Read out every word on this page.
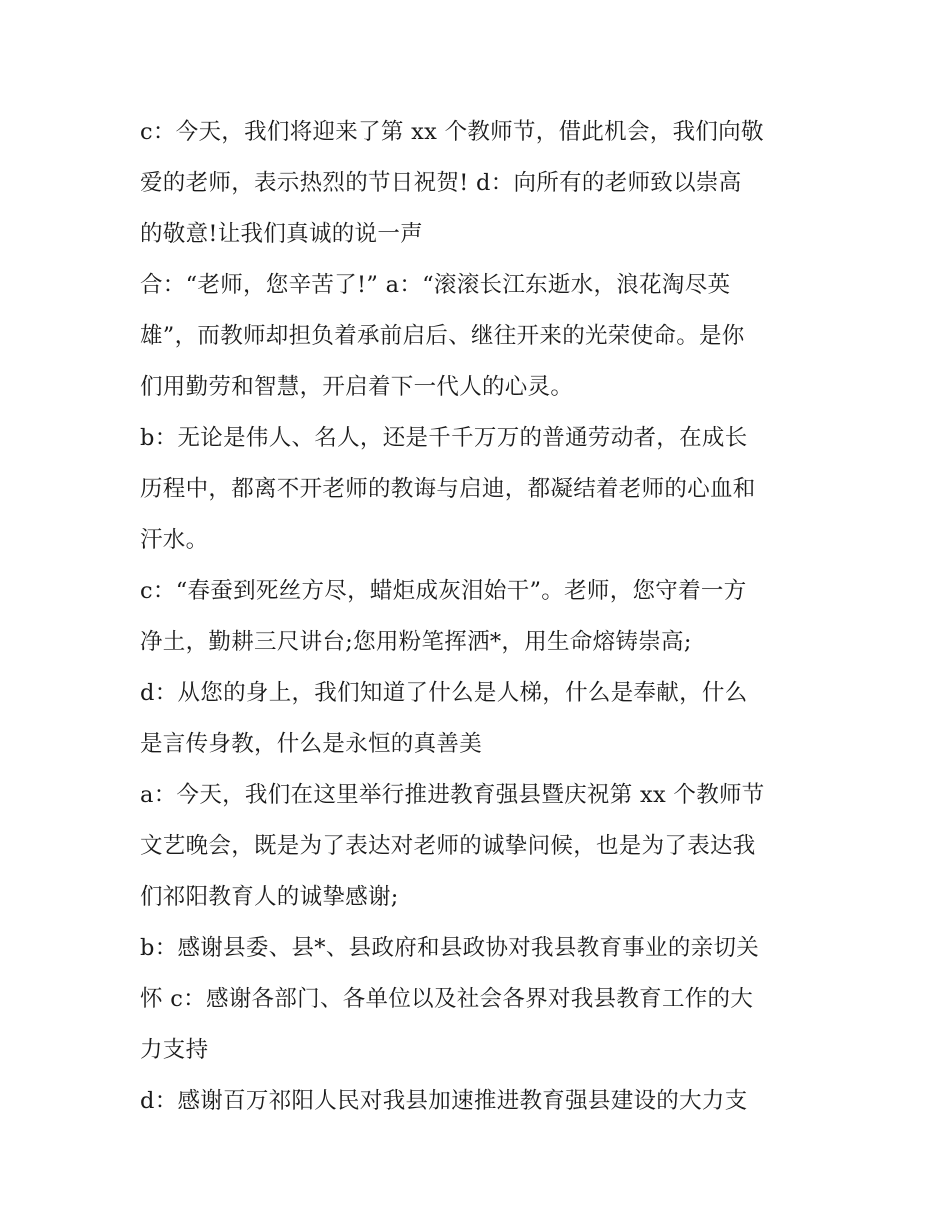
c：今天，我们将迎来了第 xx 个教师节，借此机会，我们向敬
爱的老师，表示热烈的节日祝贺! d：向所有的老师致以崇高
的敬意!让我们真诚的说一声
合：“老师，您辛苦了!” a：“滚滚长江东逝水，浪花淘尽英
雄”，而教师却担负着承前启后、继往开来的光荣使命。是你
们用勤劳和智慧，开启着下一代人的心灵。
b：无论是伟人、名人，还是千千万万的普通劳动者，在成长
历程中，都离不开老师的教诲与启迪，都凝结着老师的心血和
汗水。
c：“春蚕到死丝方尽，蜡炬成灰泪始干”。老师，您守着一方
净土，勤耕三尺讲台;您用粉笔挥洒*，用生命熔铸崇高;
d：从您的身上，我们知道了什么是人梯，什么是奉献，什么
是言传身教，什么是永恒的真善美
a：今天，我们在这里举行推进教育强县暨庆祝第 xx 个教师节
文艺晚会，既是为了表达对老师的诚挚问候，也是为了表达我
们祁阳教育人的诚挚感谢;
b：感谢县委、县*、县政府和县政协对我县教育事业的亲切关
怀 c：感谢各部门、各单位以及社会各界对我县教育工作的大
力支持
d：感谢百万祁阳人民对我县加速推进教育强县建设的大力支
